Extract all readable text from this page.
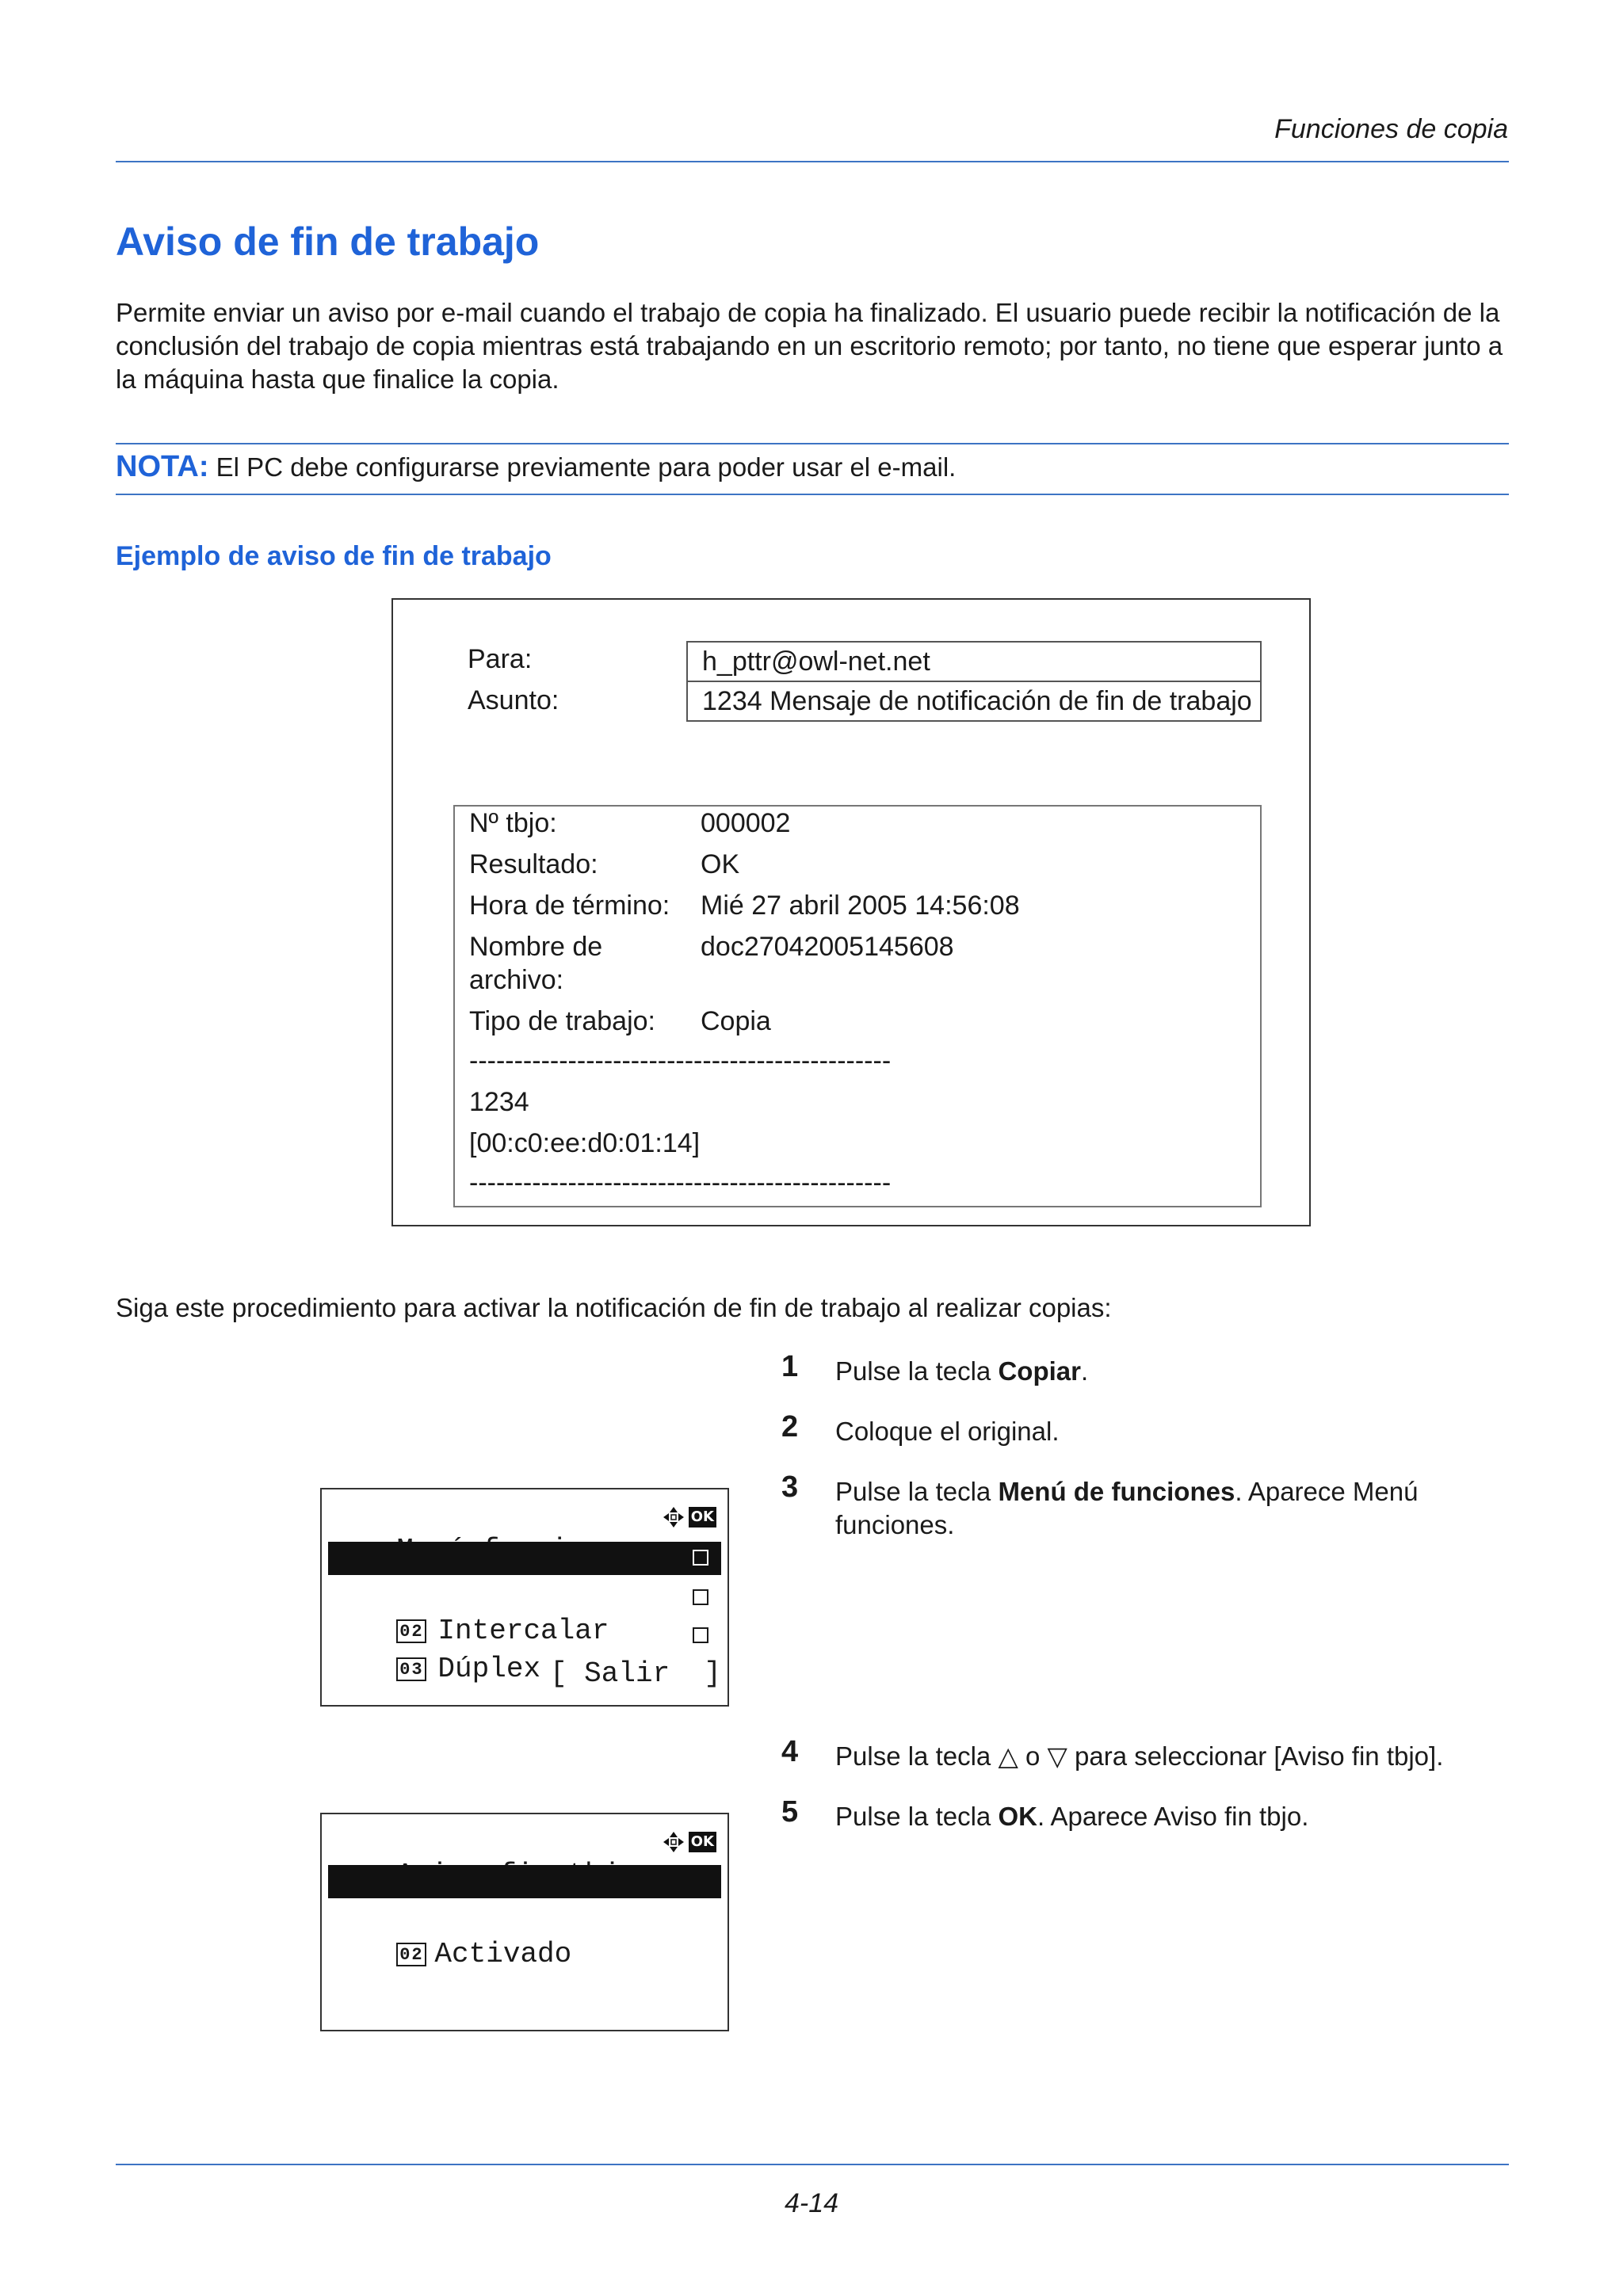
Funciones de copia
Aviso de fin de trabajo
Permite enviar un aviso por e-mail cuando el trabajo de copia ha finalizado. El usuario puede recibir la notificación de la conclusión del trabajo de copia mientras está trabajando en un escritorio remoto; por tanto, no tiene que esperar junto a la máquina hasta que finalice la copia.
NOTA: El PC debe configurarse previamente para poder usar el e-mail.
Ejemplo de aviso de fin de trabajo
Para:	h_pttr@owl-net.net
Asunto:	1234 Mensaje de notificación de fin de trabajo
Nº tbjo:	000002
Resultado:	OK
Hora de término: Mié 27 abril 2005 14:56:08
Nombre de
archivo:
doc27042005145608
Tipo de trabajo: Copia
-----------------------------------------------
1234
[00:c0:ee:d0:01:14]
-----------------------------------------------
Siga este procedimiento para activar la notificación de fin de trabajo al realizar copias:
1 Pulse la tecla Copiar.
2 Coloque el original.
3 Pulse la tecla Menú de funciones. Aparece Menú funciones.
4 Pulse la tecla △ o ▽ para seleccionar [Aviso fin tbjo].
5 Pulse la tecla OK. Aparece Aviso fin tbjo.

OK

01 Selección papel

02 Intercalar

03 Dúplex

[ Salir  ]

OK

01 *Desactiv.

02 Activado

4-14
